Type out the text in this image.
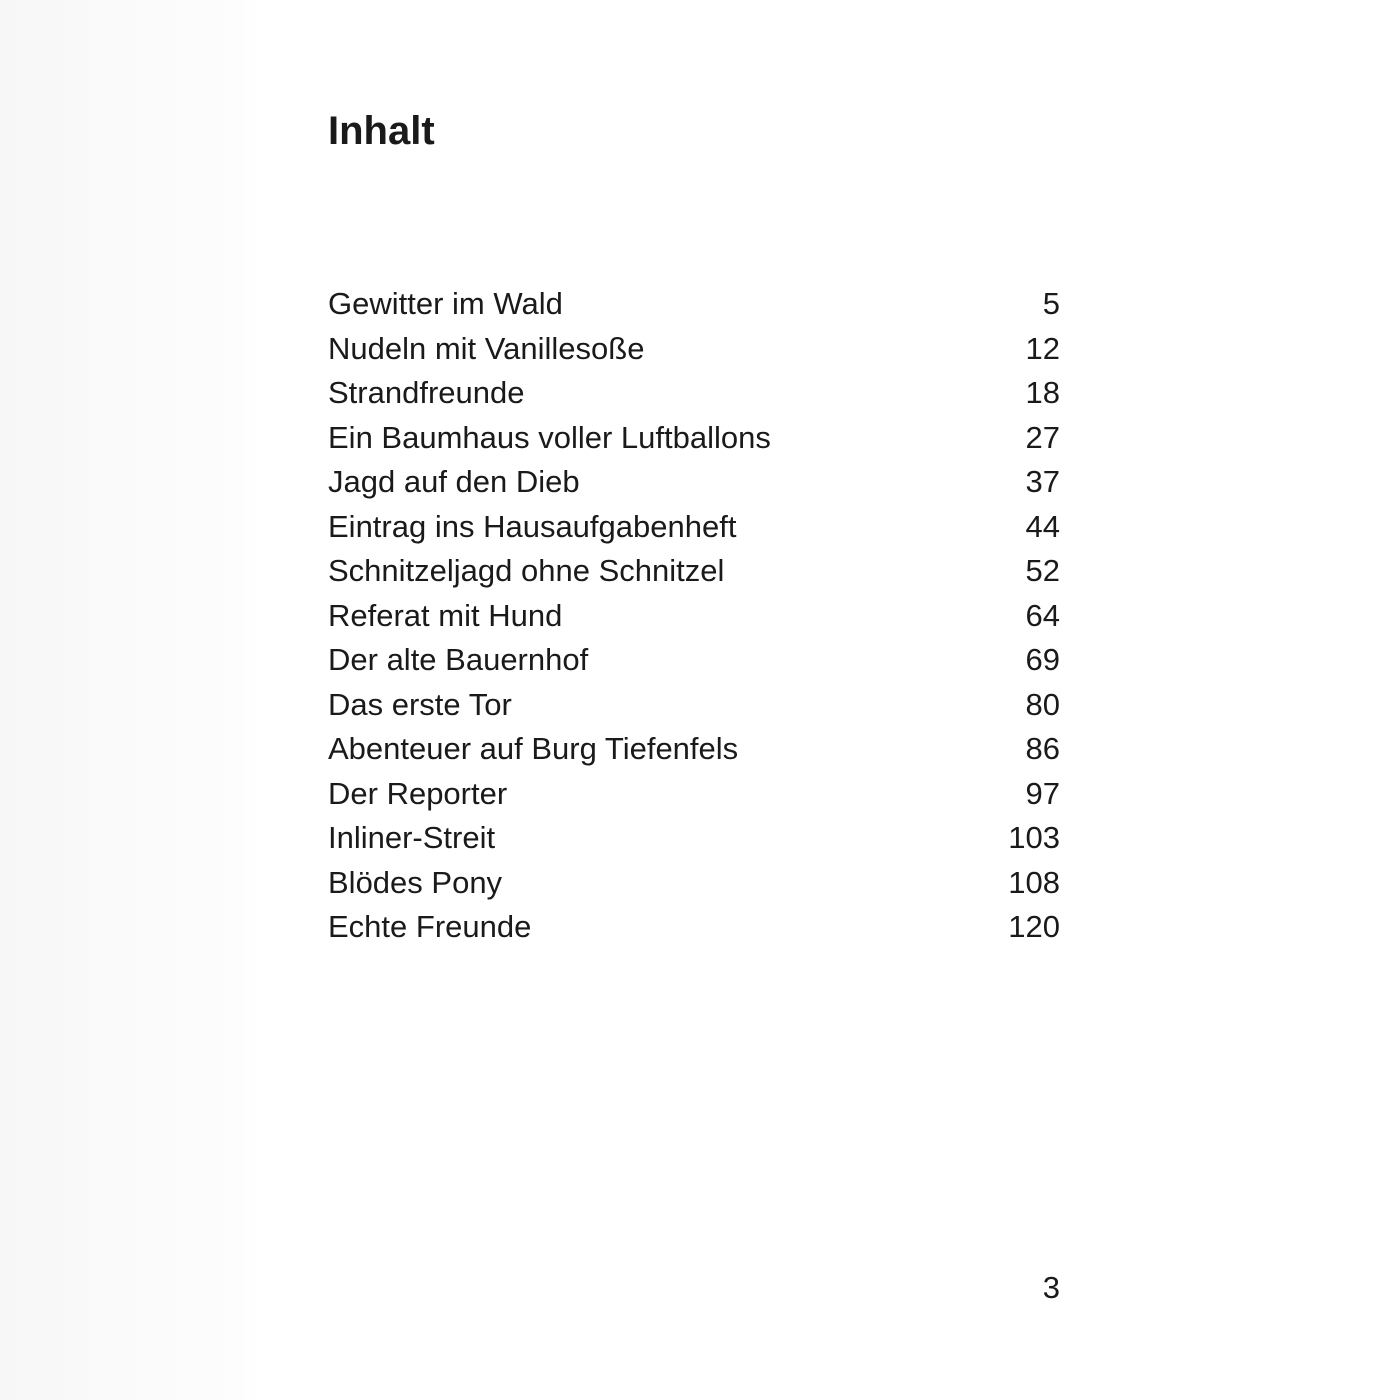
Inhalt
Gewitter im Wald	5
Nudeln mit Vanillesoße	12
Strandfreunde	18
Ein Baumhaus voller Luftballons	27
Jagd auf den Dieb	37
Eintrag ins Hausaufgabenheft	44
Schnitzeljagd ohne Schnitzel	52
Referat mit Hund	64
Der alte Bauernhof	69
Das erste Tor	80
Abenteuer auf Burg Tiefenfels	86
Der Reporter	97
Inliner-Streit	103
Blödes Pony	108
Echte Freunde	120
3
